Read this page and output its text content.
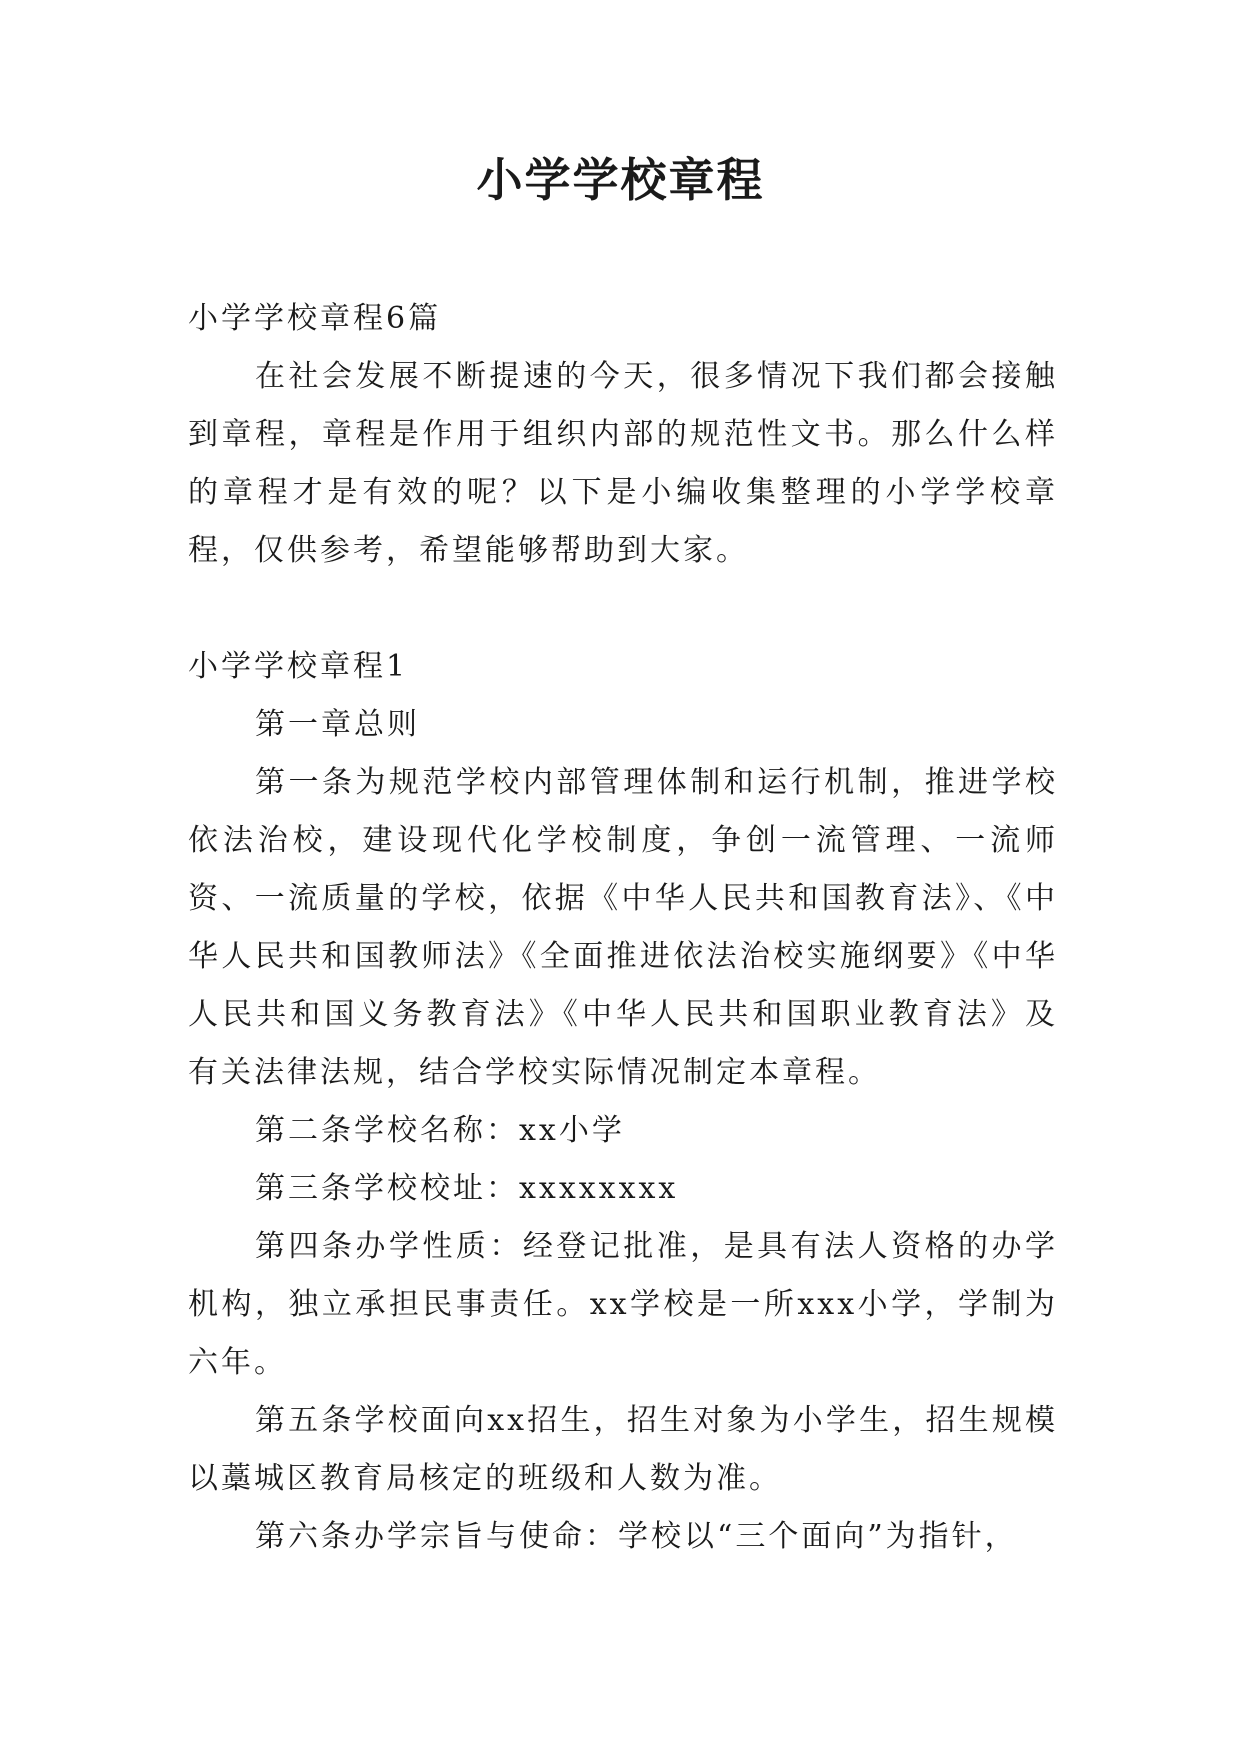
小学学校章程

小学学校章程6篇

在社会发展不断提速的今天，很多情况下我们都会接触到章程，章程是作用于组织内部的规范性文书。那么什么样的章程才是有效的呢？以下是小编收集整理的小学学校章程，仅供参考，希望能够帮助到大家。

小学学校章程1

第一章总则

第一条为规范学校内部管理体制和运行机制，推进学校依法治校，建设现代化学校制度，争创一流管理、一流师资、一流质量的学校，依据《中华人民共和国教育法》、《中华人民共和国教师法》《全面推进依法治校实施纲要》《中华人民共和国义务教育法》《中华人民共和国职业教育法》及有关法律法规，结合学校实际情况制定本章程。

第二条学校名称：xx小学

第三条学校校址：xxxxxxxx

第四条办学性质：经登记批准，是具有法人资格的办学机构，独立承担民事责任。xx学校是一所xxx小学，学制为六年。

第五条学校面向xx招生，招生对象为小学生，招生规模以藁城区教育局核定的班级和人数为准。

第六条办学宗旨与使命：学校以“三个面向”为指针，
